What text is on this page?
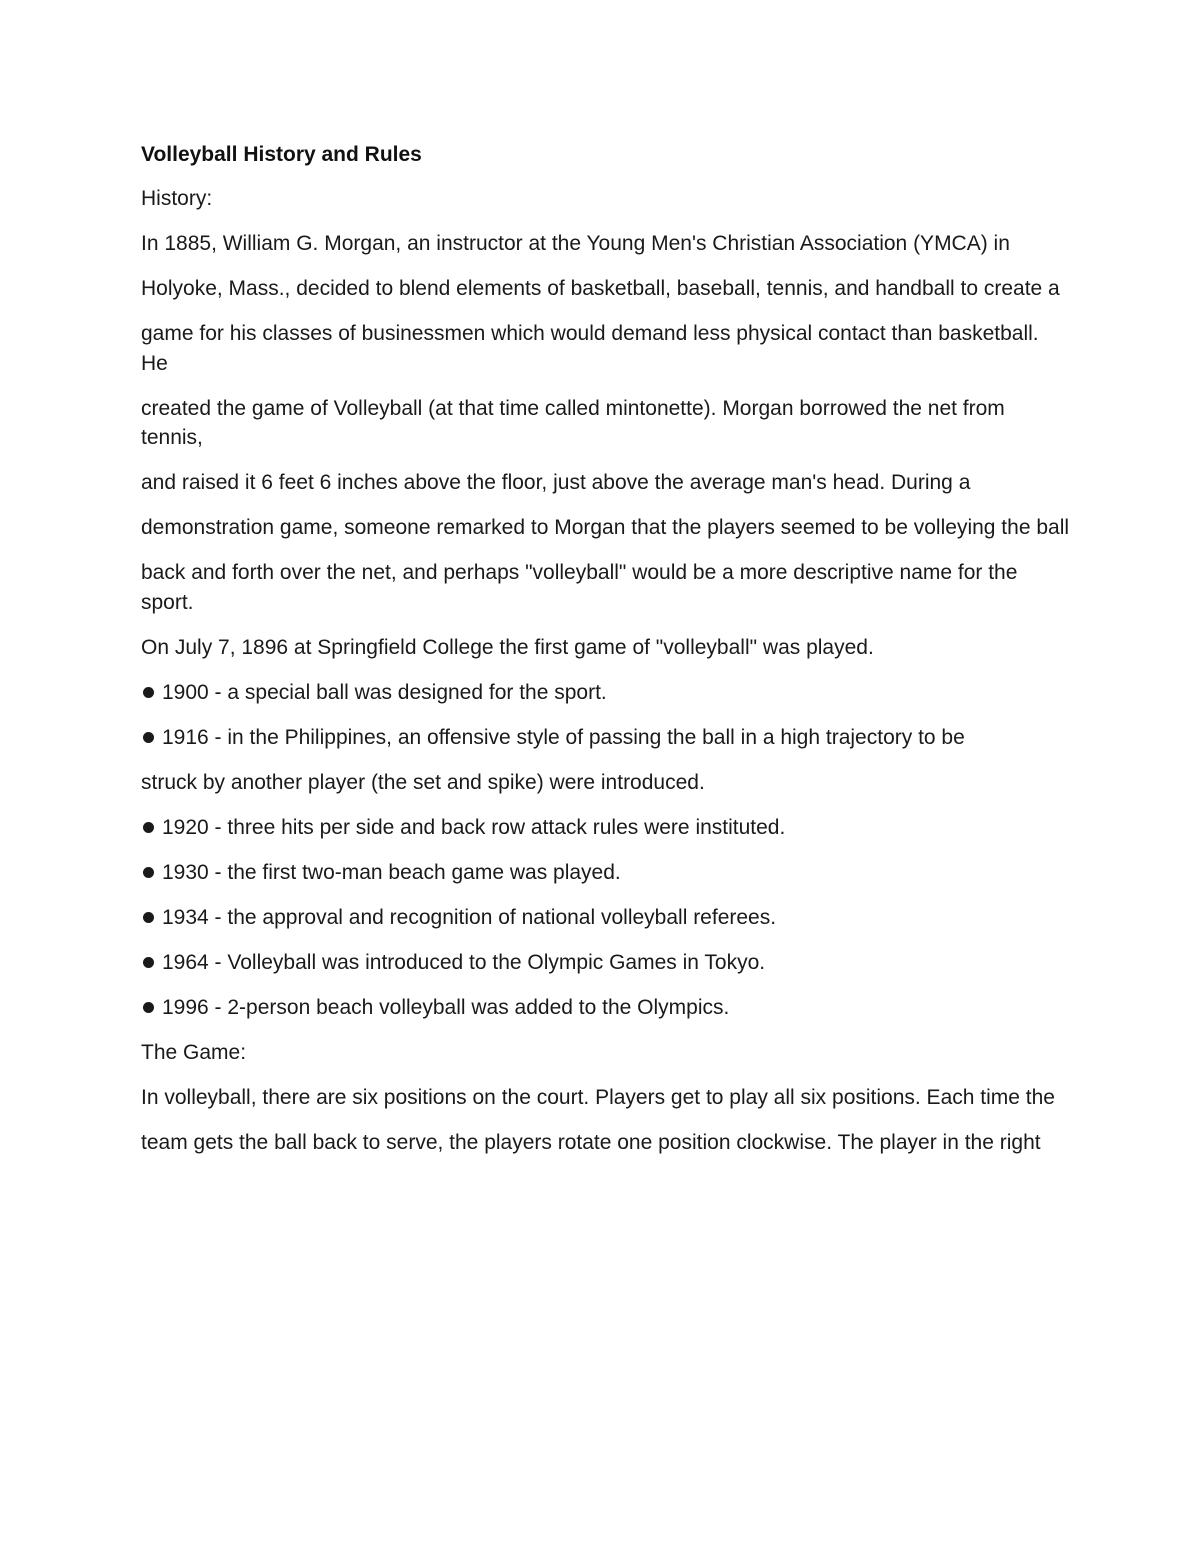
Volleyball History and Rules
History:
In 1885, William G. Morgan, an instructor at the Young Men's Christian Association (YMCA) in
Holyoke, Mass., decided to blend elements of basketball, baseball, tennis, and handball to create a
game for his classes of businessmen which would demand less physical contact than basketball. He
created the game of Volleyball (at that time called mintonette). Morgan borrowed the net from tennis,
and raised it 6 feet 6 inches above the floor, just above the average man's head. During a
demonstration game, someone remarked to Morgan that the players seemed to be volleying the ball
back and forth over the net, and perhaps "volleyball" would be a more descriptive name for the sport.
On July 7, 1896 at Springfield College the first game of "volleyball" was played.
1900 - a special ball was designed for the sport.
1916 - in the Philippines, an offensive style of passing the ball in a high trajectory to be
struck by another player (the set and spike) were introduced.
1920 - three hits per side and back row attack rules were instituted.
1930 - the first two-man beach game was played.
1934 - the approval and recognition of national volleyball referees.
1964 - Volleyball was introduced to the Olympic Games in Tokyo.
1996 - 2-person beach volleyball was added to the Olympics.
The Game:
In volleyball, there are six positions on the court. Players get to play all six positions. Each time the
team gets the ball back to serve, the players rotate one position clockwise. The player in the right
